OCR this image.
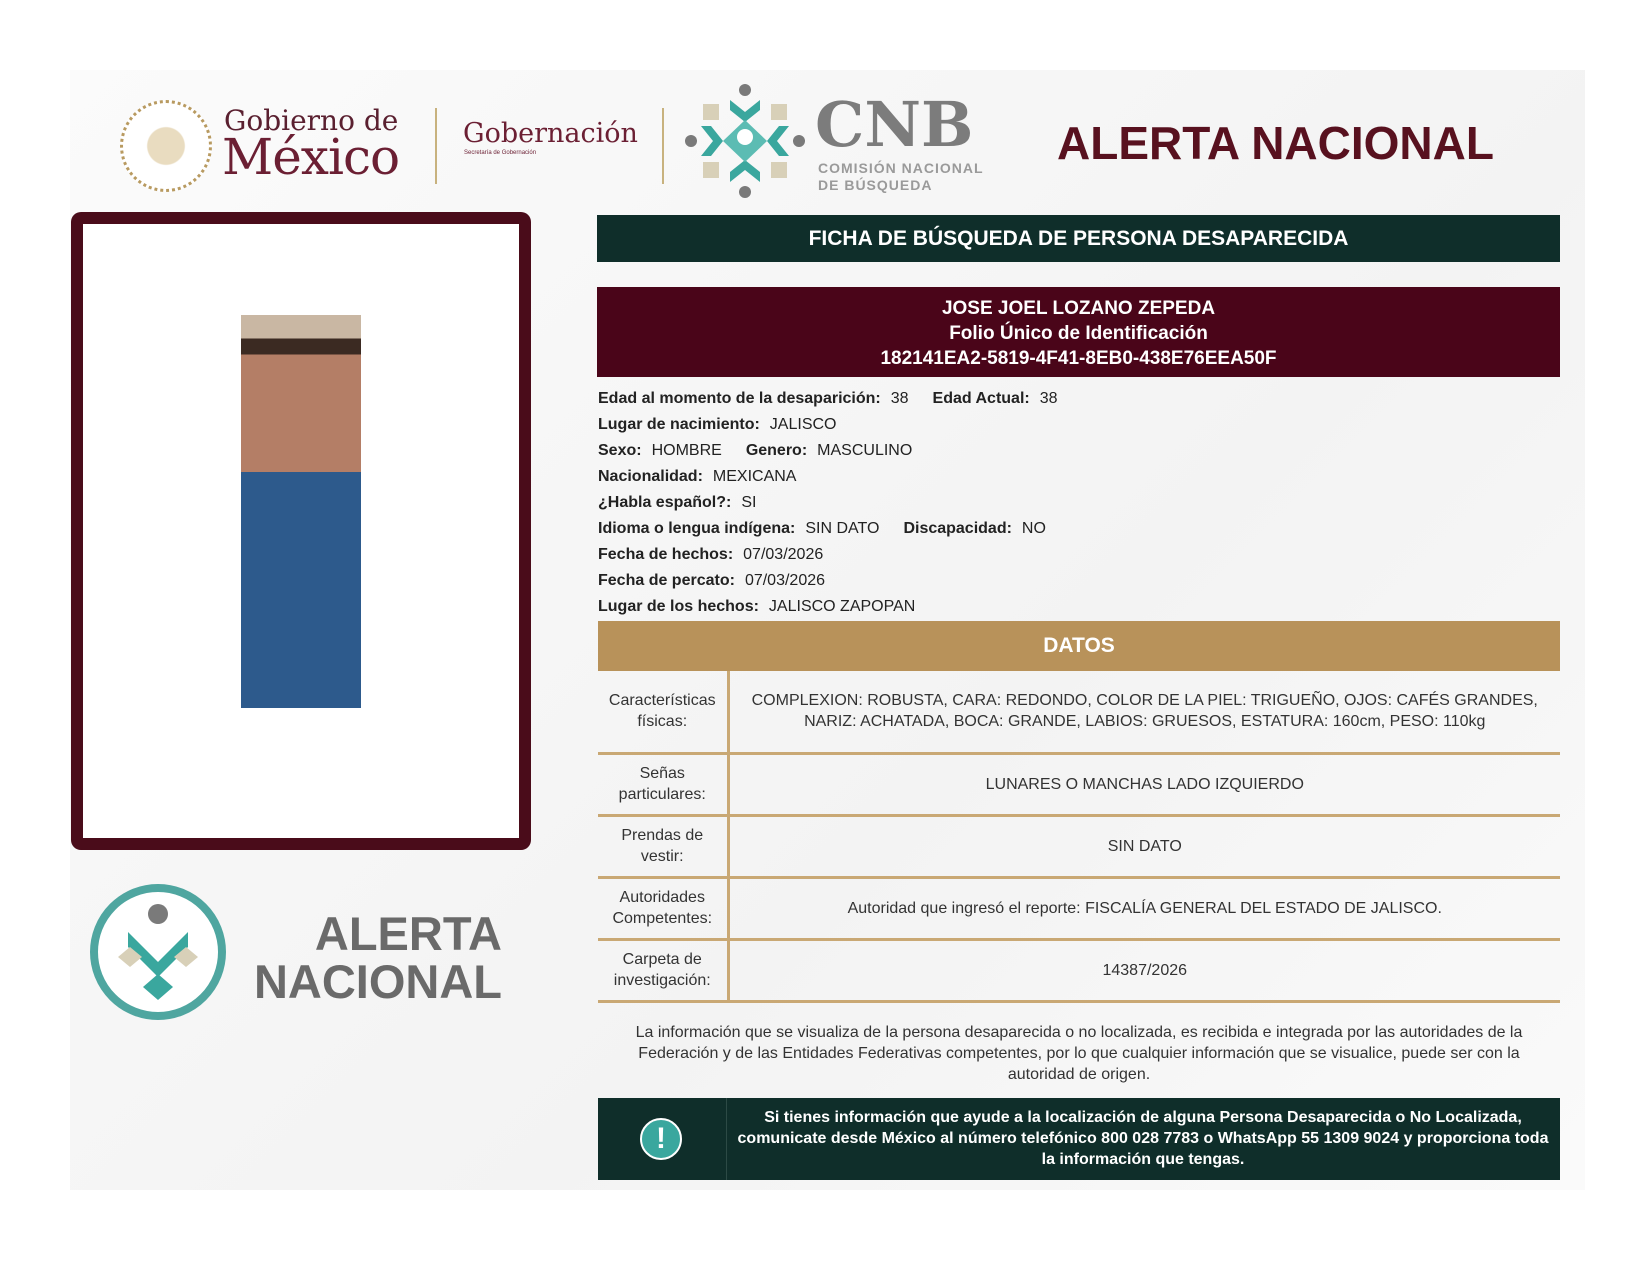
Gobierno de
México Gobernación
Secretaría de Gobernación	CNB
COMISIÓN NACIONAL
DE BÚSQUEDA
ALERTA NACIONAL
ALERTA
NACIONAL
FICHA DE BÚSQUEDA DE PERSONA DESAPARECIDA
JOSE JOEL LOZANO ZEPEDA
Folio Único de Identificación
182141EA2-5819-4F41-8EB0-438E76EEA50F
Edad al momento de la desaparición: 38 Edad Actual: 38
Lugar de nacimiento: JALISCO
Sexo: HOMBRE Genero: MASCULINO
Nacionalidad: MEXICANA
¿Habla español?: SI
Idioma o lengua indígena: SIN DATO Discapacidad: NO
Fecha de hechos: 07/03/2026
Fecha de percato: 07/03/2026
Lugar de los hechos: JALISCO ZAPOPAN
DATOS
Características físicas:	COMPLEXION: ROBUSTA, CARA: REDONDO, COLOR DE LA PIEL: TRIGUEÑO, OJOS: CAFÉS GRANDES, NARIZ: ACHATADA, BOCA: GRANDE, LABIOS: GRUESOS, ESTATURA: 160cm, PESO: 110kg
Señas particulares:	LUNARES O MANCHAS LADO IZQUIERDO
Prendas de vestir:	SIN DATO
Autoridades Competentes:	Autoridad que ingresó el reporte: FISCALÍA GENERAL DEL ESTADO DE JALISCO.
Carpeta de investigación:	14387/2026
La información que se visualiza de la persona desaparecida o no localizada, es recibida e integrada por las autoridades de la Federación y de las Entidades Federativas competentes, por lo que cualquier información que se visualice, puede ser con la autoridad de origen.
!
Si tienes información que ayude a la localización de alguna Persona Desaparecida o No Localizada, comunicate desde México al número telefónico 800 028 7783 o WhatsApp 55 1309 9024 y proporciona toda la información que tengas.
